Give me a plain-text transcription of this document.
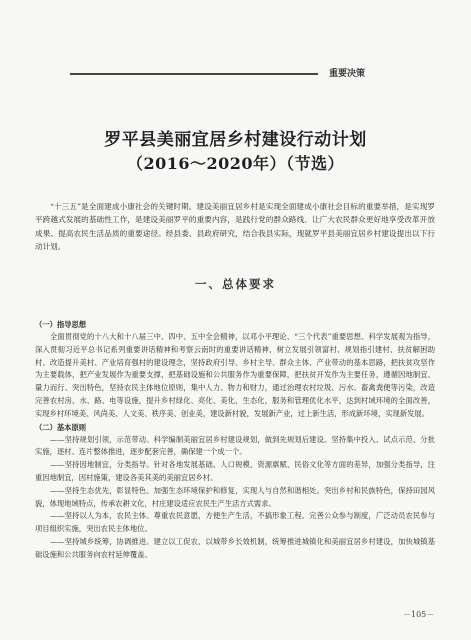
重要决策
罗平县美丽宜居乡村建设行动计划
（2016～2020年）（节选）

“十三五”是全面建成小康社会的关键时期。建设美丽宜居乡村是实现全面建成小康社会目标的重要举措，是实现罗平跨越式发展的基础性工作，是建设美丽罗平的重要内容，是践行党的群众路线、让广大农民群众更好地享受改革开放成果、提高农民生活品质的重要途径。经县委、县政府研究，结合我县实际，现就罗平县美丽宜居乡村建设提出以下行动计划。

一、总体要求

（一）指导思想

全面贯彻党的十八大和十八届三中、四中、五中全会精神，以邓小平理论、“三个代表”重要思想、科学发展观为指导，深入贯彻习近平总书记系列重要讲话精神和考察云南时的重要讲话精神，树立发展引领富村、规划指引建村、扶贫解困助村、改造提升美村、产业培育强村的建设理念，坚持政府引导、乡村主导、群众主体、产业带动的基本思路，把扶贫攻坚作为主要载体，把产业发展作为重要支撑，把基础设施和公共服务作为重要保障，把扶贫开发作为主要任务，遵循因地制宜、量力而行、突出特色，坚持农民主体地位原则，集中人力、物力和财力，通过治理农村垃圾、污水、畜禽粪便等污染，改造完善农村房、水、路、电等设施，提升乡村绿化、亮化、美化、生态化，服务和管理优化水平，达到村域环境的全面改善，实现乡村环境美、风尚美、人文美、秩序美、创业美，建设新村貌，发展新产业，过上新生活，形成新环境，实现新发展。

（二）基本原则

——坚持规划引领，示范带动。科学编制美丽宜居乡村建设规划，做到先规划后建设。坚持集中投入、试点示范、分批实施，逐村、连片整体推进，逐步配套完善，确保建一个成一个。

——坚持因地制宜，分类指导。针对各地发展基础、人口规模、资源禀赋、民俗文化等方面的差异，加强分类指导，注重因地制宜，因村施策，建设各美其美的美丽宜居乡村。

——坚持生态优先，彰显特色。加强生态环境保护和修复，实现人与自然和谐相处。突出乡村和民族特色，保持田园风貌，体现地域特点，传承农耕文化，村庄建设适应农民生产生活方式需求。

——坚持以人为本，农民主体。尊重农民意愿，方便生产生活，不搞形象工程。完善公众参与制度，广泛动员农民参与项目组织实施，突出农民主体地位。

——坚持城乡统筹，协调推进。建立以工促农、以城带乡长效机制，统筹推进城镇化和美丽宜居乡村建设，加快城镇基础设施和公共服务向农村延伸覆盖。

－105－
